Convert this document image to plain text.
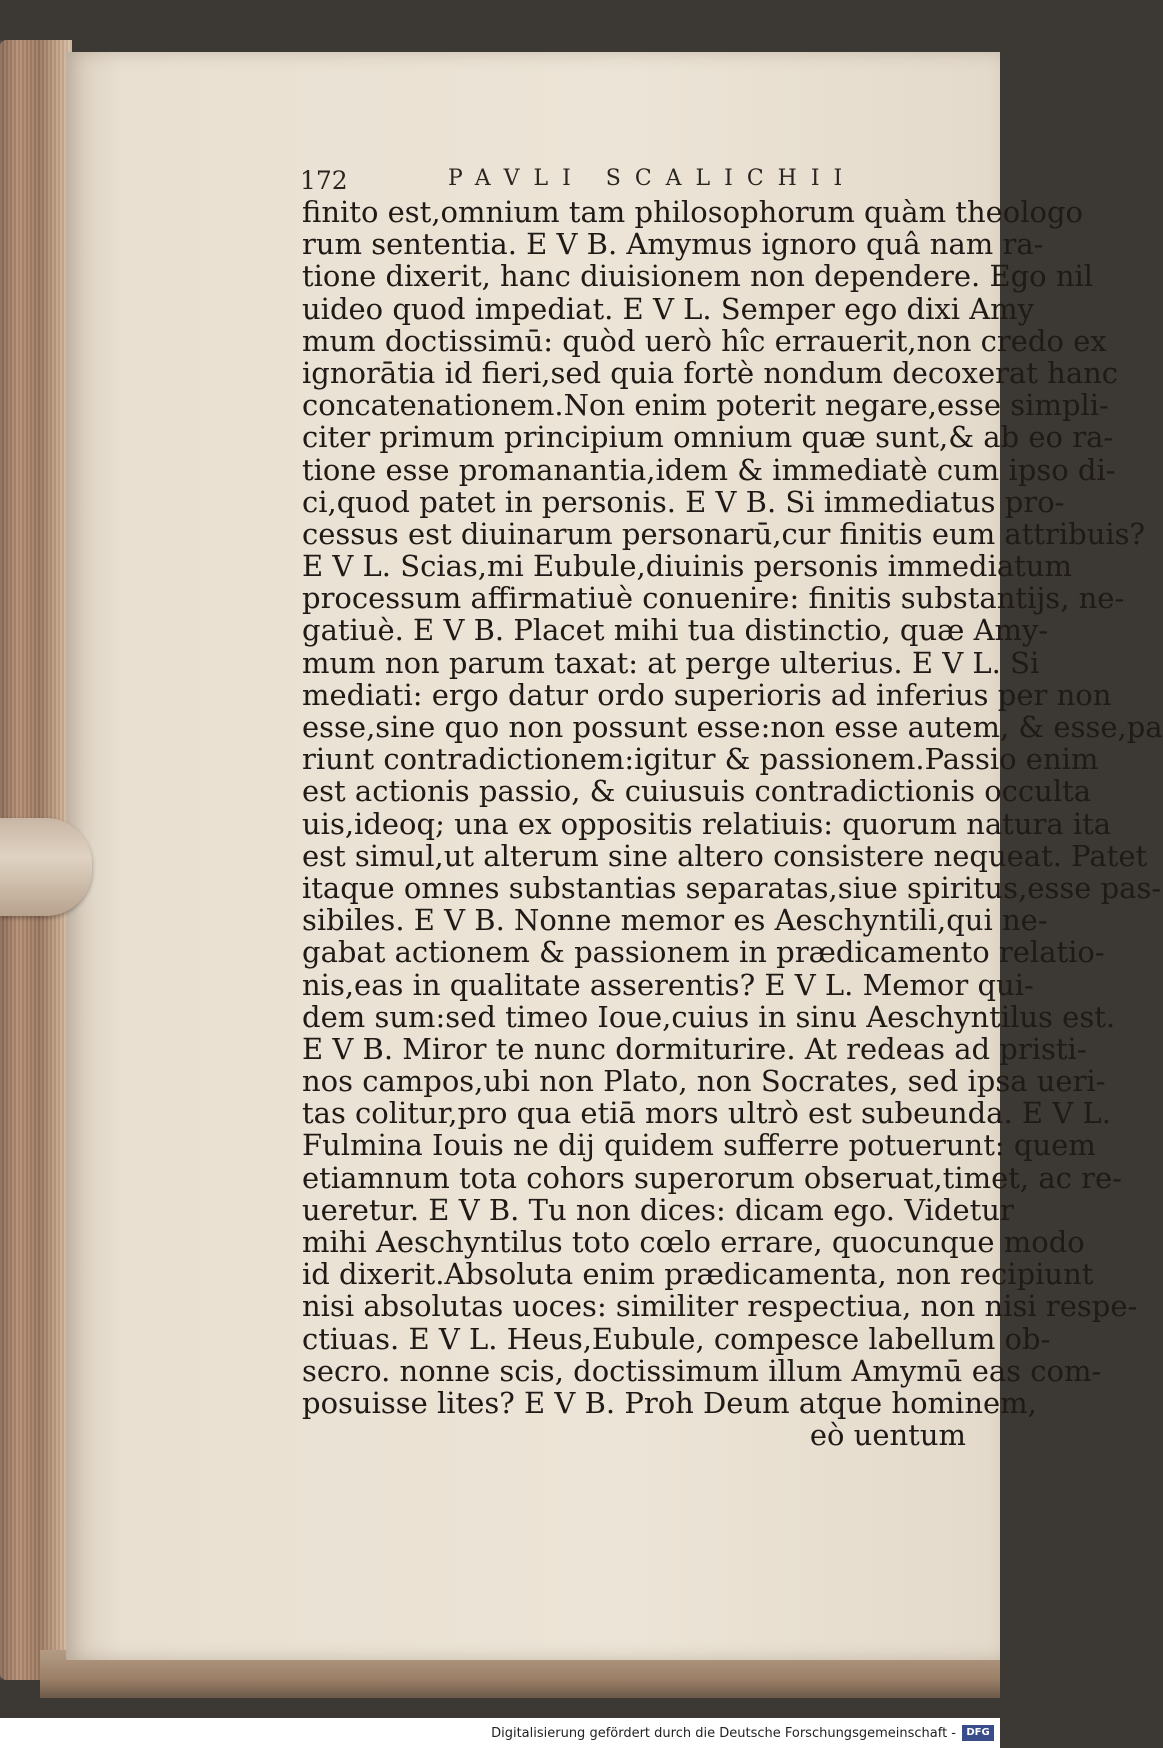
172	PAVLI SCALICHII
finito est,omnium tam philosophorum quàm theologo
rum sententia. E V B. Amymus ignoro quâ nam ra-
tione dixerit, hanc diuisionem non dependere. Ego nil
uideo quod impediat. E V L. Semper ego dixi Amy
mum doctissimū: quòd uerò hîc errauerit,non credo ex
ignorātia id fieri,sed quia fortè nondum decoxerat hanc
concatenationem.Non enim poterit negare,esse simpli-
citer primum principium omnium quæ sunt,& ab eo ra-
tione esse promanantia,idem & immediatè cum ipso di-
ci,quod patet in personis. E V B. Si immediatus pro-
cessus est diuinarum personarū,cur finitis eum attribuis?
E V L. Scias,mi Eubule,diuinis personis immediatum
processum affirmatiuè conuenire: finitis substantijs, ne-
gatiuè. E V B. Placet mihi tua distinctio, quæ Amy-
mum non parum taxat: at perge ulterius. E V L. Si
mediati: ergo datur ordo superioris ad inferius per non
esse,sine quo non possunt esse:non esse autem, & esse,pa
riunt contradictionem:igitur & passionem.Passio enim
est actionis passio, & cuiusuis contradictionis occulta
uis,ideoq; una ex oppositis relatiuis: quorum natura ita
est simul,ut alterum sine altero consistere nequeat. Patet
itaque omnes substantias separatas,siue spiritus,esse pas-
sibiles. E V B. Nonne memor es Aeschyntili,qui ne-
gabat actionem & passionem in prædicamento relatio-
nis,eas in qualitate asserentis? E V L. Memor qui-
dem sum:sed timeo Ioue,cuius in sinu Aeschyntilus est.
E V B. Miror te nunc dormiturire. At redeas ad pristi-
nos campos,ubi non Plato, non Socrates, sed ipsa ueri-
tas colitur,pro qua etiā mors ultrò est subeunda. E V L.
Fulmina Iouis ne dij quidem sufferre potuerunt: quem
etiamnum tota cohors superorum obseruat,timet, ac re-
ueretur. E V B. Tu non dices: dicam ego. Videtur
mihi Aeschyntilus toto cœlo errare, quocunque modo
id dixerit.Absoluta enim prædicamenta, non recipiunt
nisi absolutas uoces: similiter respectiua, non nisi respe-
ctiuas. E V L. Heus,Eubule, compesce labellum ob-
secro. nonne scis, doctissimum illum Amymū eas com-
posuisse lites? E V B. Proh Deum atque hominem,
eò uentum
Digitalisierung gefördert durch die Deutsche Forschungsgemeinschaft -	DFG
